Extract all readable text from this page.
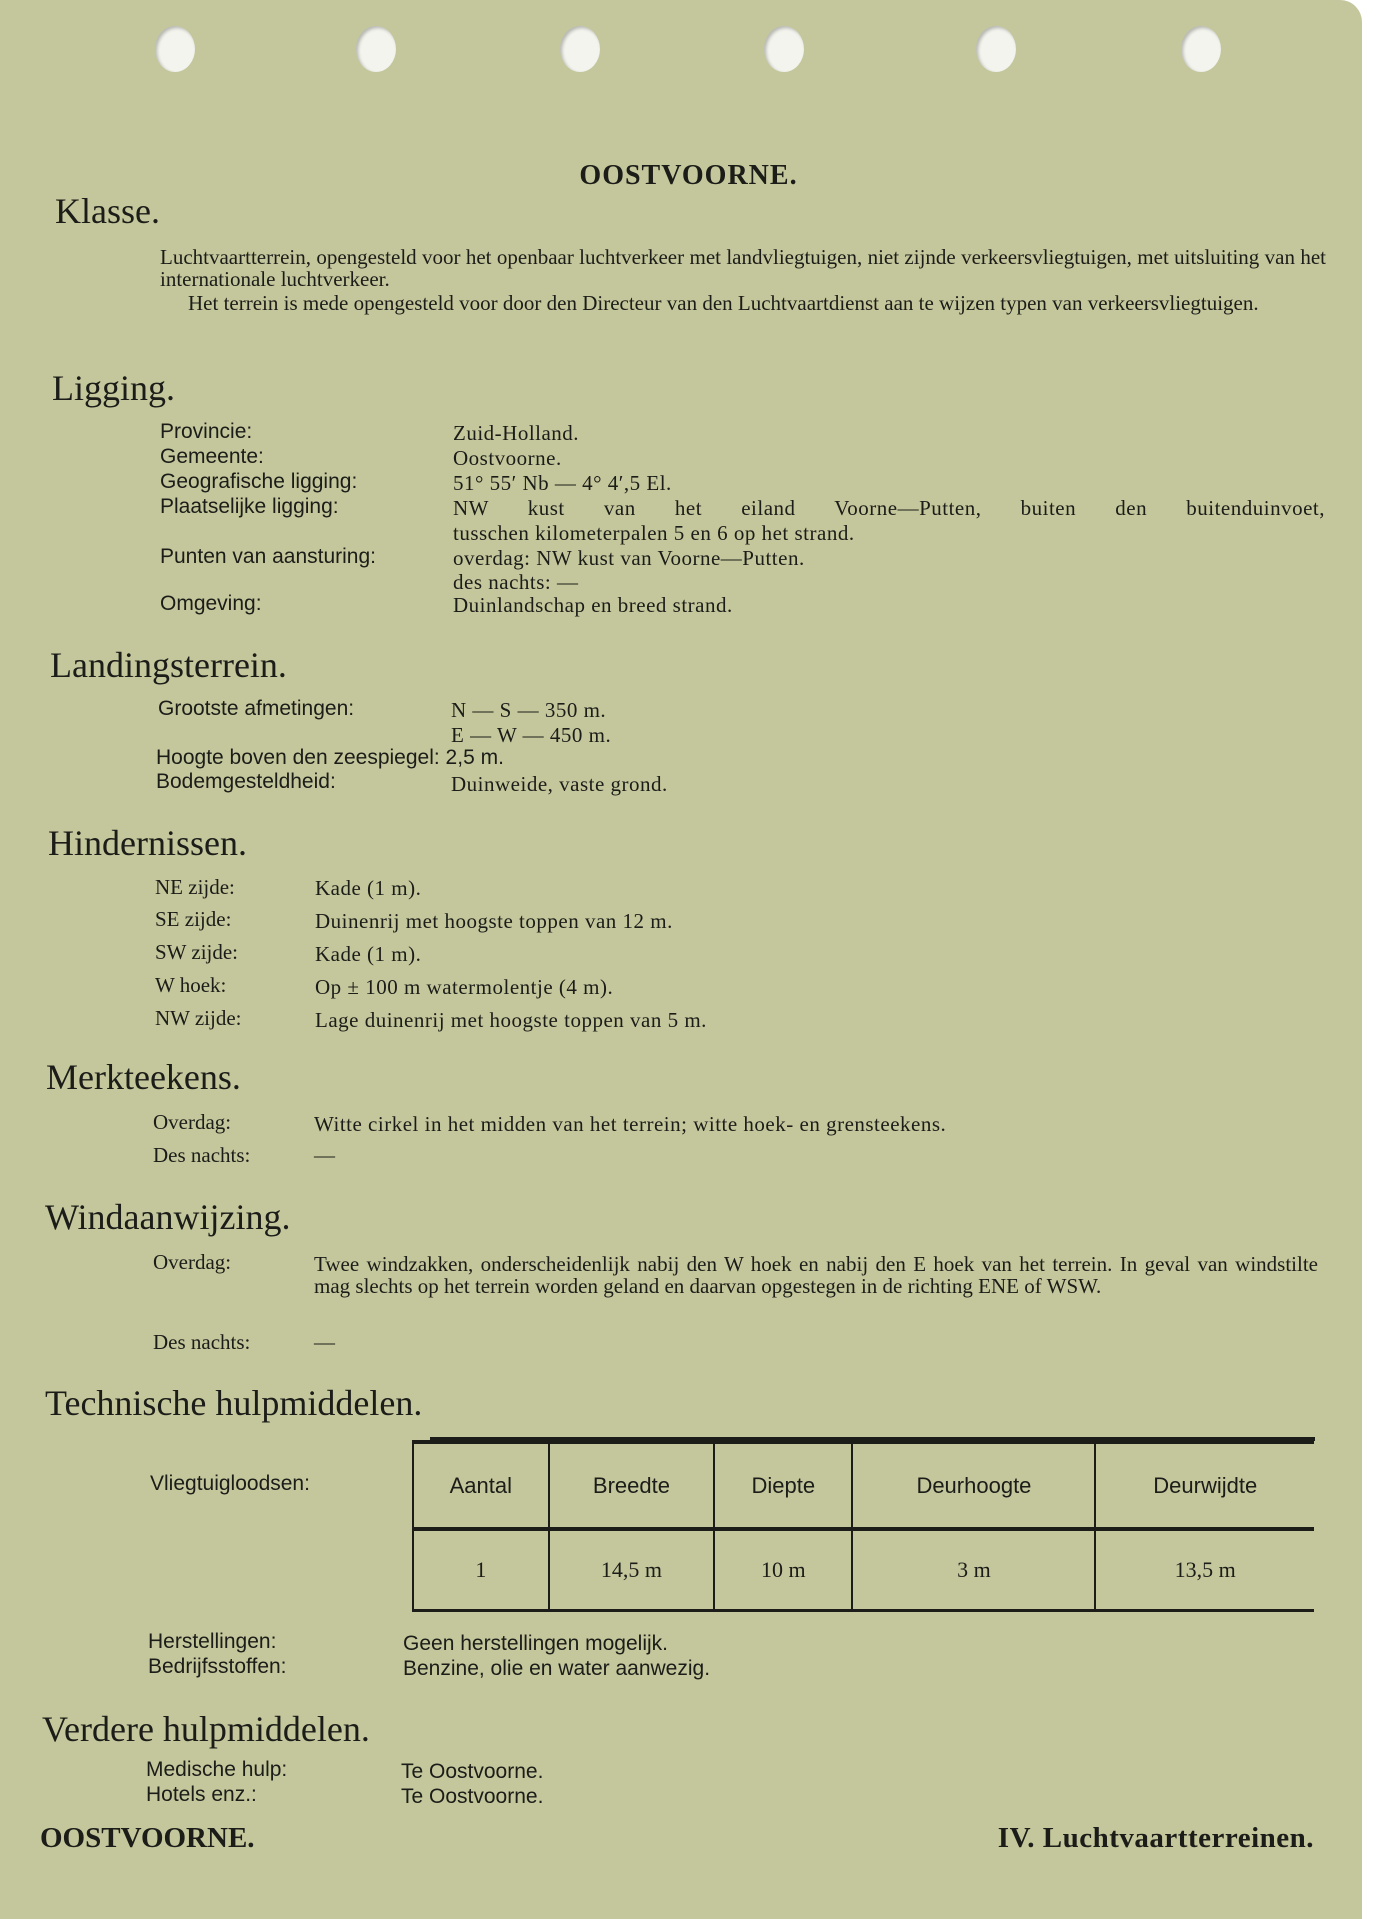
OOSTVOORNE.
Klasse.
Luchtvaartterrein, opengesteld voor het openbaar luchtverkeer met landvliegtuigen, niet zijnde verkeersvliegtuigen, met uitsluiting van het internationale luchtverkeer.
Het terrein is mede opengesteld voor door den Directeur van den Luchtvaartdienst aan te wijzen typen van verkeersvliegtuigen.
Ligging.
Provincie:	Zuid-Holland.
Gemeente:	Oostvoorne.
Geografische ligging:	51° 55′ Nb — 4° 4′,5 El.
Plaatselijke ligging:	NW kust van het eiland Voorne—Putten, buiten den buitenduinvoet,
tusschen kilometerpalen 5 en 6 op het strand.
Punten van aansturing:	overdag: NW kust van Voorne—Putten.
des nachts: —
Omgeving:	Duinlandschap en breed strand.
Landingsterrein.
Grootste afmetingen:	N — S — 350 m.
E — W — 450 m.
Hoogte boven den zeespiegel: 2,5 m.
Bodemgesteldheid:	Duinweide, vaste grond.
Hindernissen.
NE zijde:	Kade (1 m).
SE zijde:	Duinenrij met hoogste toppen van 12 m.
SW zijde:	Kade (1 m).
W hoek:	Op ± 100 m watermolentje (4 m).
NW zijde:	Lage duinenrij met hoogste toppen van 5 m.
Merkteekens.
Overdag:	Witte cirkel in het midden van het terrein; witte hoek- en grensteekens.
Des nachts:	—
Windaanwijzing.
Overdag:	Twee windzakken, onderscheidenlijk nabij den W hoek en nabij den E hoek van het terrein. In geval van windstilte mag slechts op het terrein worden geland en daarvan opgestegen in de richting ENE of WSW.
Des nachts:	—
Technische hulpmiddelen.
Vliegtuigloodsen:	Aantal	Breedte	Diepte	Deurhoogte	Deurwijdte
1	14,5 m	10 m	3 m	13,5 m
Herstellingen:	Geen herstellingen mogelijk.
Bedrijfsstoffen:	Benzine, olie en water aanwezig.
Verdere hulpmiddelen.
Medische hulp:	Te Oostvoorne.
Hotels enz.:	Te Oostvoorne.
OOSTVOORNE.	IV. Luchtvaartterreinen.
